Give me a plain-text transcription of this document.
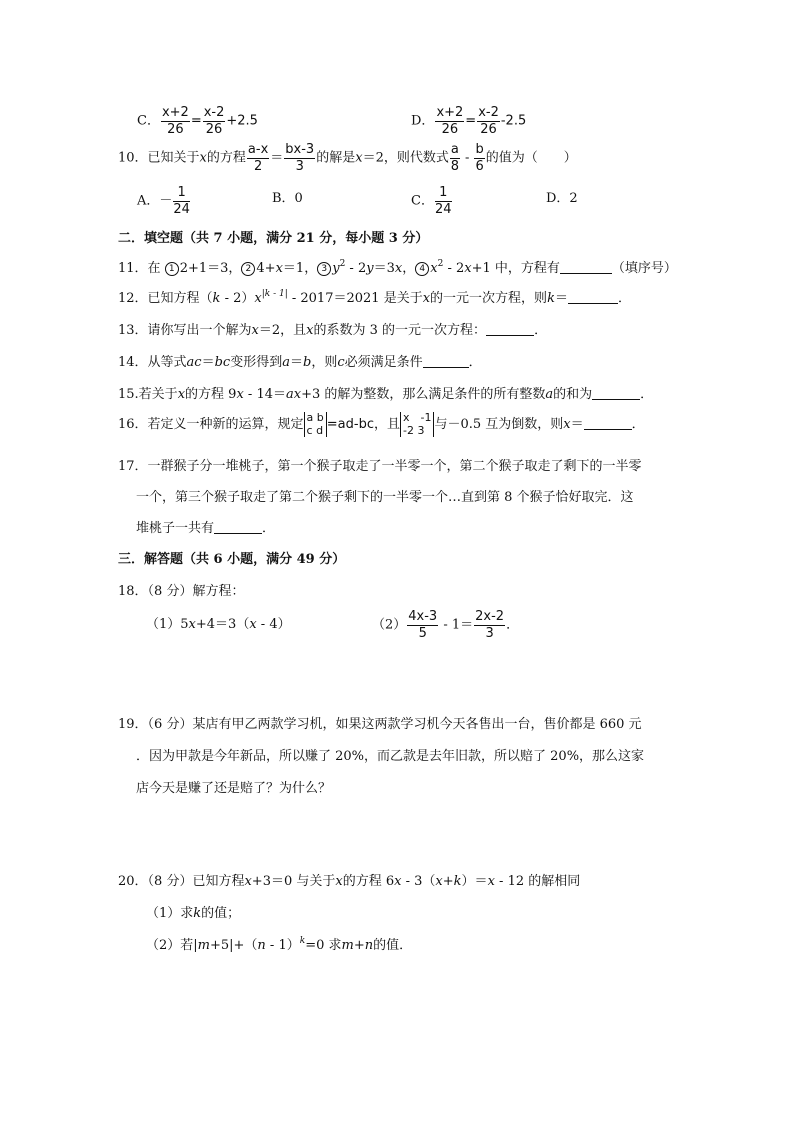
C． $\frac{x+2}{26} = \frac{x-2}{26} +2.5$	D． $\frac{x+2}{26} = \frac{x-2}{26} -2.5$
10．已知关于x的方程 $\frac{a-x}{2} = \frac{bx-3}{3}$ 的解是x＝2，则代数式 $\frac{a}{8} - \frac{b}{6}$ 的值为（　　）
A．－ $\frac{1}{24}$	B．0	C． $\frac{1}{24}$	D．2
二．填空题（共 7 小题，满分 21 分，每小题 3 分）
11．在 1 2+1＝3， 2 4+x＝1， 3 $y^2 - 2y=3x$， 4 $x^2 - 2x+1$ 中，方程有	（填序号）
12．已知方程$(k - 2)x^{|k - 1|} - 2017=2021$ 是关于x的一元一次方程，则k＝	．
13．请你写出一个解为x＝2，且x的系数为 3 的一元一次方程：	．
14．从等式ac＝bc变形得到a＝b，则c必须满足条件	．
15.若关于x的方程 9x - 14＝ax+3 的解为整数，那么满足条件的所有整数a的和为	．
16．若定义一种新的运算，规定 a b
c d =ad-bc，且 x　-1
-2 3 与－0.5 互为倒数，则x＝	．
17．一群猴子分一堆桃子，第一个猴子取走了一半零一个，第二个猴子取走了剩下的一半零
一个，第三个猴子取走了第二个猴子剩下的一半零一个…直到第 8 个猴子恰好取完．这
堆桃子一共有	．
三．解答题（共 6 小题，满分 49 分）
18．（8 分）解方程：
（1）5x+4＝3（x - 4）	$(2) \frac{4x-3}{5} - 1= \frac{2x-2}{3}$ ．
19．（6 分）某店有甲乙两款学习机，如果这两款学习机今天各售出一台，售价都是 660 元
．因为甲款是今年新品，所以赚了 20%，而乙款是去年旧款，所以赔了 20%，那么这家
店今天是赚了还是赔了？为什么？
20．（8 分）已知方程x+3＝0 与关于x的方程 6x - 3（x+k）＝x - 12 的解相同
（1）求k的值；
（2）若|m+5|+（n - 1）$^k$=0 求m+n的值．
